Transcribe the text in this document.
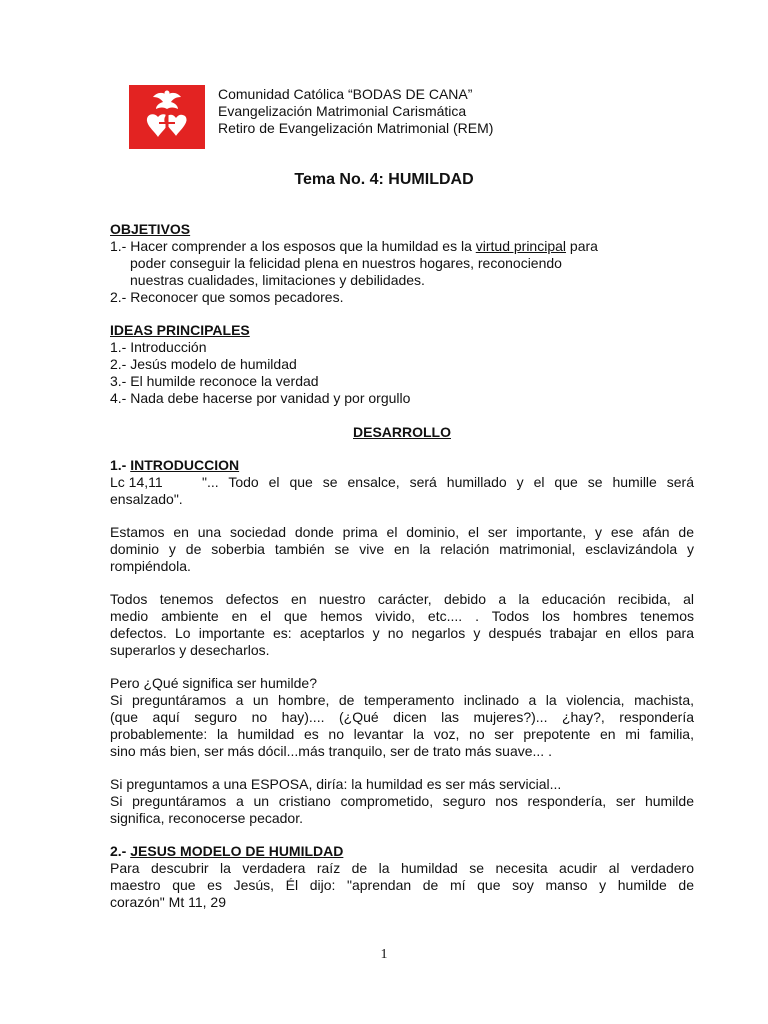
Comunidad Católica “BODAS DE CANA”
Evangelización Matrimonial Carismática
Retiro de Evangelización Matrimonial (REM)
Tema No. 4: HUMILDAD
OBJETIVOS
1.- Hacer comprender a los esposos que la humildad es la virtud principal para
poder conseguir la felicidad plena en nuestros hogares, reconociendo
nuestras cualidades, limitaciones y debilidades.
2.- Reconocer que somos pecadores.
IDEAS PRINCIPALES
1.- Introducción
2.- Jesús modelo de humildad
3.- El humilde reconoce la verdad
4.- Nada debe hacerse por vanidad y por orgullo
DESARROLLO
1.- INTRODUCCION
Lc 14,11	"... Todo el que se ensalce, será humillado y el que se humille será
ensalzado".
Estamos en una sociedad donde prima el dominio, el ser importante, y ese afán de
dominio y de soberbia también se vive en la relación matrimonial, esclavizándola y
rompiéndola.
Todos tenemos defectos en nuestro carácter, debido a la educación recibida, al
medio ambiente en el que hemos vivido, etc.... . Todos los hombres tenemos
defectos. Lo importante es: aceptarlos y no negarlos y después trabajar en ellos para
superarlos y desecharlos.
Pero ¿Qué significa ser humilde?
Si preguntáramos a un hombre, de temperamento inclinado a la violencia, machista,
(que aquí seguro no hay).... (¿Qué dicen las mujeres?)... ¿hay?, respondería
probablemente: la humildad es no levantar la voz, no ser prepotente en mi familia,
sino más bien, ser más dócil...más tranquilo, ser de trato más suave... .
Si preguntamos a una ESPOSA, diría: la humildad es ser más servicial...
Si preguntáramos a un cristiano comprometido, seguro nos respondería, ser humilde
significa, reconocerse pecador.
2.- JESUS MODELO DE HUMILDAD
Para descubrir la verdadera raíz de la humildad se necesita acudir al verdadero
maestro que es Jesús, Él dijo: "aprendan de mí que soy manso y humilde de
corazón" Mt 11, 29
1
